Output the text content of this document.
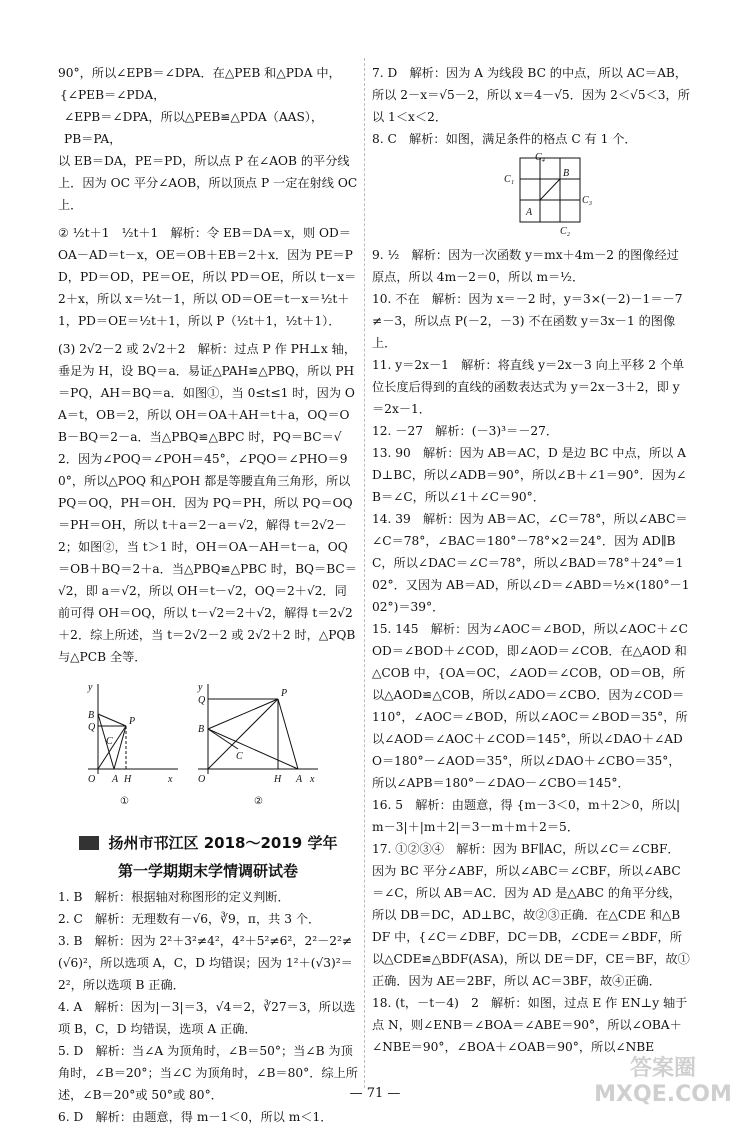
90°，所以∠EPB＝∠DPA．在△PEB 和△PDA 中，

{∠PEB＝∠PDA，

∠EPB＝∠DPA，所以△PEB≌△PDA（AAS），

PB＝PA，

以 EB＝DA，PE＝PD，所以点 P 在∠AOB 的平分线上．因为 OC 平分∠AOB，所以顶点 P 一定在射线 OC 上．

② ½t＋1　½t＋1　解析：令 EB＝DA＝x，则 OD＝OA－AD＝t－x，OE＝OB＋EB＝2＋x．因为 PE＝PD，PD＝OD，PE＝OE，所以 PD＝OE，所以 t－x＝2＋x，所以 x＝½t－1，所以 OD＝OE＝t－x＝½t＋1，PD＝OE＝½t＋1，所以 P（½t＋1，½t＋1）．

(3) 2√2－2 或 2√2＋2　解析：过点 P 作 PH⊥x 轴，垂足为 H，设 BQ＝a．易证△PAH≌△PBQ，所以 PH＝PQ，AH＝BQ＝a．如图①，当 0≤t≤1 时，因为 OA＝t，OB＝2，所以 OH＝OA＋AH＝t＋a，OQ＝OB－BQ＝2－a．当△PBQ≌△BPC 时，PQ＝BC＝√2．因为∠POQ＝∠POH＝45°，∠PQO＝∠PHO＝90°，所以△POQ 和△POH 都是等腰直角三角形，所以 PQ＝OQ，PH＝OH．因为 PQ＝PH，所以 PQ＝OQ＝PH＝OH，所以 t＋a＝2－a＝√2，解得 t＝2√2－2；如图②，当 t＞1 时，OH＝OA－AH＝t－a，OQ＝OB＋BQ＝2＋a．当△PBQ≌△PBC 时，BQ＝BC＝√2，即 a＝√2，所以 OH＝t－√2，OQ＝2＋√2．同前可得 OH＝OQ，所以 t－√2＝2＋√2，解得 t＝2√2＋2．综上所述，当 t＝2√2－2 或 2√2＋2 时，△PQB 与△PCB 全等．

y
Q
B
P
C
O A H	x
①
y
Q
P
B
C
O	H A x
②
扬州市邗江区 2018～2019 学年
第一学期期末学情调研试卷

1. B　解析：根据轴对称图形的定义判断．

2. C　解析：无理数有－√6，∛9，π，共 3 个．

3. B　解析：因为 2²＋3²≠4²，4²＋5²≠6²，2²－2²≠(√6)²，所以选项 A，C，D 均错误；因为 1²＋(√3)²＝2²，所以选项 B 正确．

4. A　解析：因为|－3|＝3，√4＝2，∛27＝3，所以选项 B，C，D 均错误，选项 A 正确．

5. D　解析：当∠A 为顶角时，∠B＝50°；当∠B 为顶角时，∠B＝20°；当∠C 为顶角时，∠B＝80°．综上所述，∠B＝20°或 50°或 80°．

6. D　解析：由题意，得 m－1＜0，所以 m＜1．

7. D　解析：因为 A 为线段 BC 的中点，所以 AC＝AB，所以 2－x＝√5－2，所以 x＝4－√5．因为 2＜√5＜3，所以 1＜x＜2．

8. C　解析：如图，满足条件的格点 C 有 1 个．

C₄
B
C₁
C₃
A
C₂

9. ½　解析：因为一次函数 y＝mx＋4m－2 的图像经过原点，所以 4m－2＝0，所以 m＝½．

10. 不在　解析：因为 x＝－2 时，y＝3×(－2)－1＝－7≠－3，所以点 P(－2，－3) 不在函数 y＝3x－1 的图像上．

11. y＝2x－1　解析：将直线 y＝2x－3 向上平移 2 个单位长度后得到的直线的函数表达式为 y＝2x－3＋2，即 y＝2x－1．

12. －27　解析：(－3)³＝－27．

13. 90　解析：因为 AB＝AC，D 是边 BC 中点，所以 AD⊥BC，所以∠ADB＝90°，所以∠B＋∠1＝90°．因为∠B＝∠C，所以∠1＋∠C＝90°．

14. 39　解析：因为 AB＝AC，∠C＝78°，所以∠ABC＝∠C＝78°，∠BAC＝180°－78°×2＝24°．因为 AD∥BC，所以∠DAC＝∠C＝78°，所以∠BAD＝78°＋24°＝102°．又因为 AB＝AD，所以∠D＝∠ABD＝½×(180°－102°)＝39°．

15. 145　解析：因为∠AOC＝∠BOD，所以∠AOC＋∠COD＝∠BOD＋∠COD，即∠AOD＝∠COB．在△AOD 和△COB 中，{OA＝OC，∠AOD＝∠COB，OD＝OB，所以△AOD≌△COB，所以∠ADO＝∠CBO．因为∠COD＝110°，∠AOC＝∠BOD，所以∠AOC＝∠BOD＝35°，所以∠AOD＝∠AOC＋∠COD＝145°，所以∠DAO＋∠ADO＝180°－∠AOD＝35°，所以∠DAO＋∠CBO＝35°，所以∠APB＝180°－∠DAO－∠CBO＝145°．

16. 5　解析：由题意，得 {m－3＜0，m＋2＞0，所以|m－3|＋|m＋2|＝3－m＋m＋2＝5．

17. ①②③④　解析：因为 BF∥AC，所以∠C＝∠CBF．因为 BC 平分∠ABF，所以∠ABC＝∠CBF，所以∠ABC＝∠C，所以 AB＝AC．因为 AD 是△ABC 的角平分线，所以 DB＝DC，AD⊥BC，故②③正确．在△CDE 和△BDF 中，{∠C＝∠DBF，DC＝DB，∠CDE＝∠BDF，所以△CDE≌△BDF(ASA)，所以 DE＝DF，CE＝BF，故①正确．因为 AE＝2BF，所以 AC＝3BF，故④正确．

18. (t，－t－4)　2　解析：如图，过点 E 作 EN⊥y 轴于点 N，则∠ENB＝∠BOA＝∠ABE＝90°，所以∠OBA＋∠NBE＝90°，∠BOA＋∠OAB＝90°，所以∠NBE

— 71 —
答案圈 MXQE.COM
